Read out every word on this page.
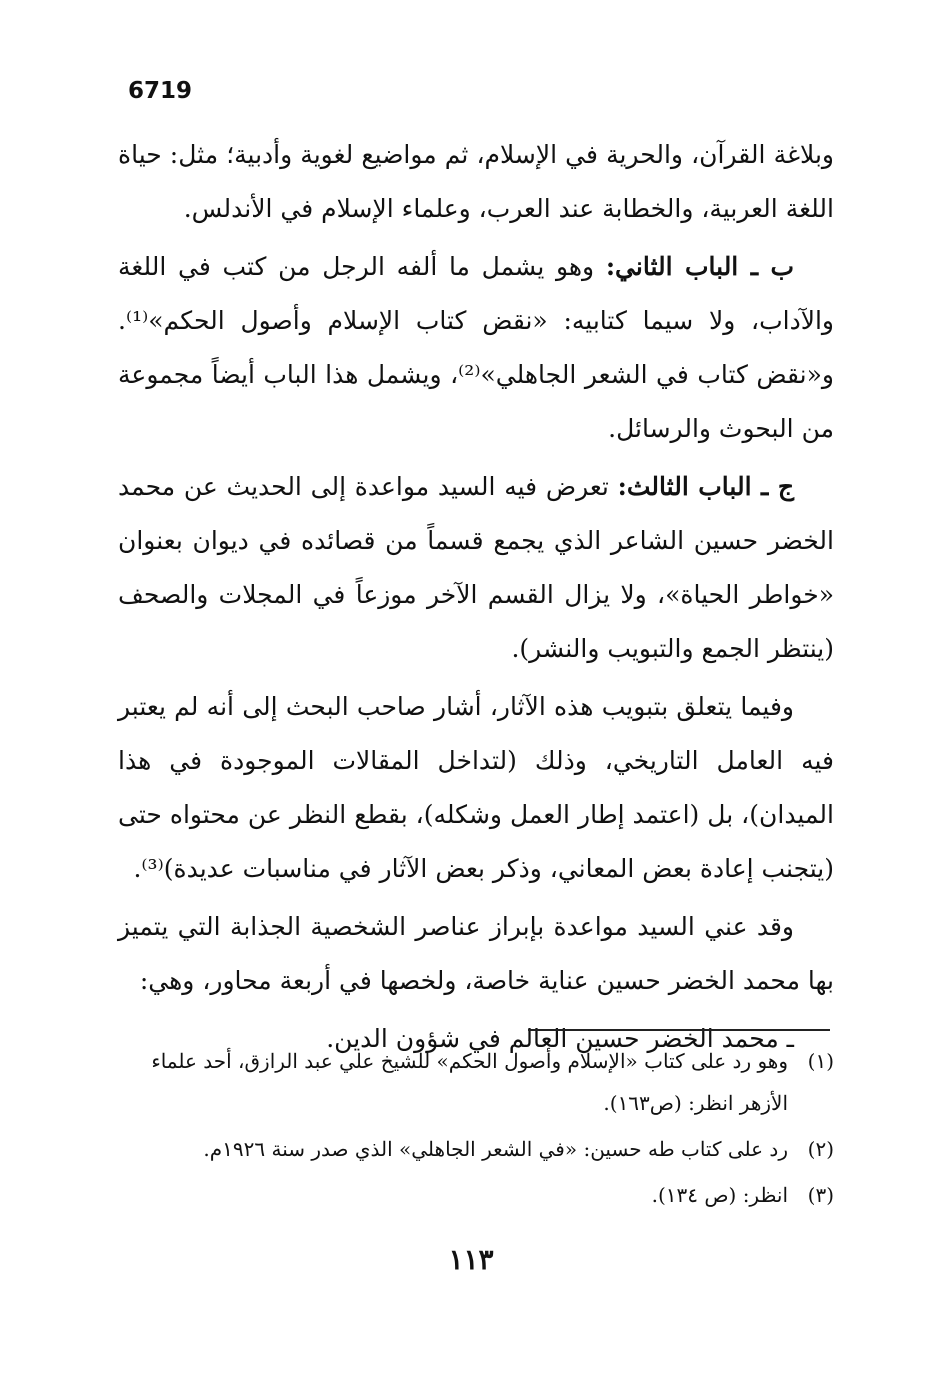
6719

وبلاغة القرآن، والحرية في الإسلام، ثم مواضيع لغوية وأدبية؛ مثل: حياة اللغة العربية، والخطابة عند العرب، وعلماء الإسلام في الأندلس.

ب ـ الباب الثاني: وهو يشمل ما ألفه الرجل من كتب في اللغة والآداب، ولا سيما كتابيه: «نقض كتاب الإسلام وأصول الحكم»⁽¹⁾. و«نقض كتاب في الشعر الجاهلي»⁽²⁾، ويشمل هذا الباب أيضاً مجموعة من البحوث والرسائل.

ج ـ الباب الثالث: تعرض فيه السيد مواعدة إلى الحديث عن محمد الخضر حسين الشاعر الذي يجمع قسماً من قصائده في ديوان بعنوان «خواطر الحياة»، ولا يزال القسم الآخر موزعاً في المجلات والصحف (ينتظر الجمع والتبويب والنشر).

وفيما يتعلق بتبويب هذه الآثار، أشار صاحب البحث إلى أنه لم يعتبر فيه العامل التاريخي، وذلك (لتداخل المقالات الموجودة في هذا الميدان)، بل (اعتمد إطار العمل وشكله)، بقطع النظر عن محتواه حتى (يتجنب إعادة بعض المعاني، وذكر بعض الآثار في مناسبات عديدة)⁽³⁾.

وقد عني السيد مواعدة بإبراز عناصر الشخصية الجذابة التي يتميز بها محمد الخضر حسين عناية خاصة، ولخصها في أربعة محاور، وهي:

ـ محمد الخضر حسين العالم في شؤون الدين.

(١)
وهو رد على كتاب «الإسلام وأصول الحكم» للشيخ علي عبد الرازق، أحد علماء الأزهر انظر: (ص١٦٣).
(٢)
رد على كتاب طه حسين: «في الشعر الجاهلي» الذي صدر سنة ١٩٢٦م.
(٣)
انظر: (ص ١٣٤).
١١٣
